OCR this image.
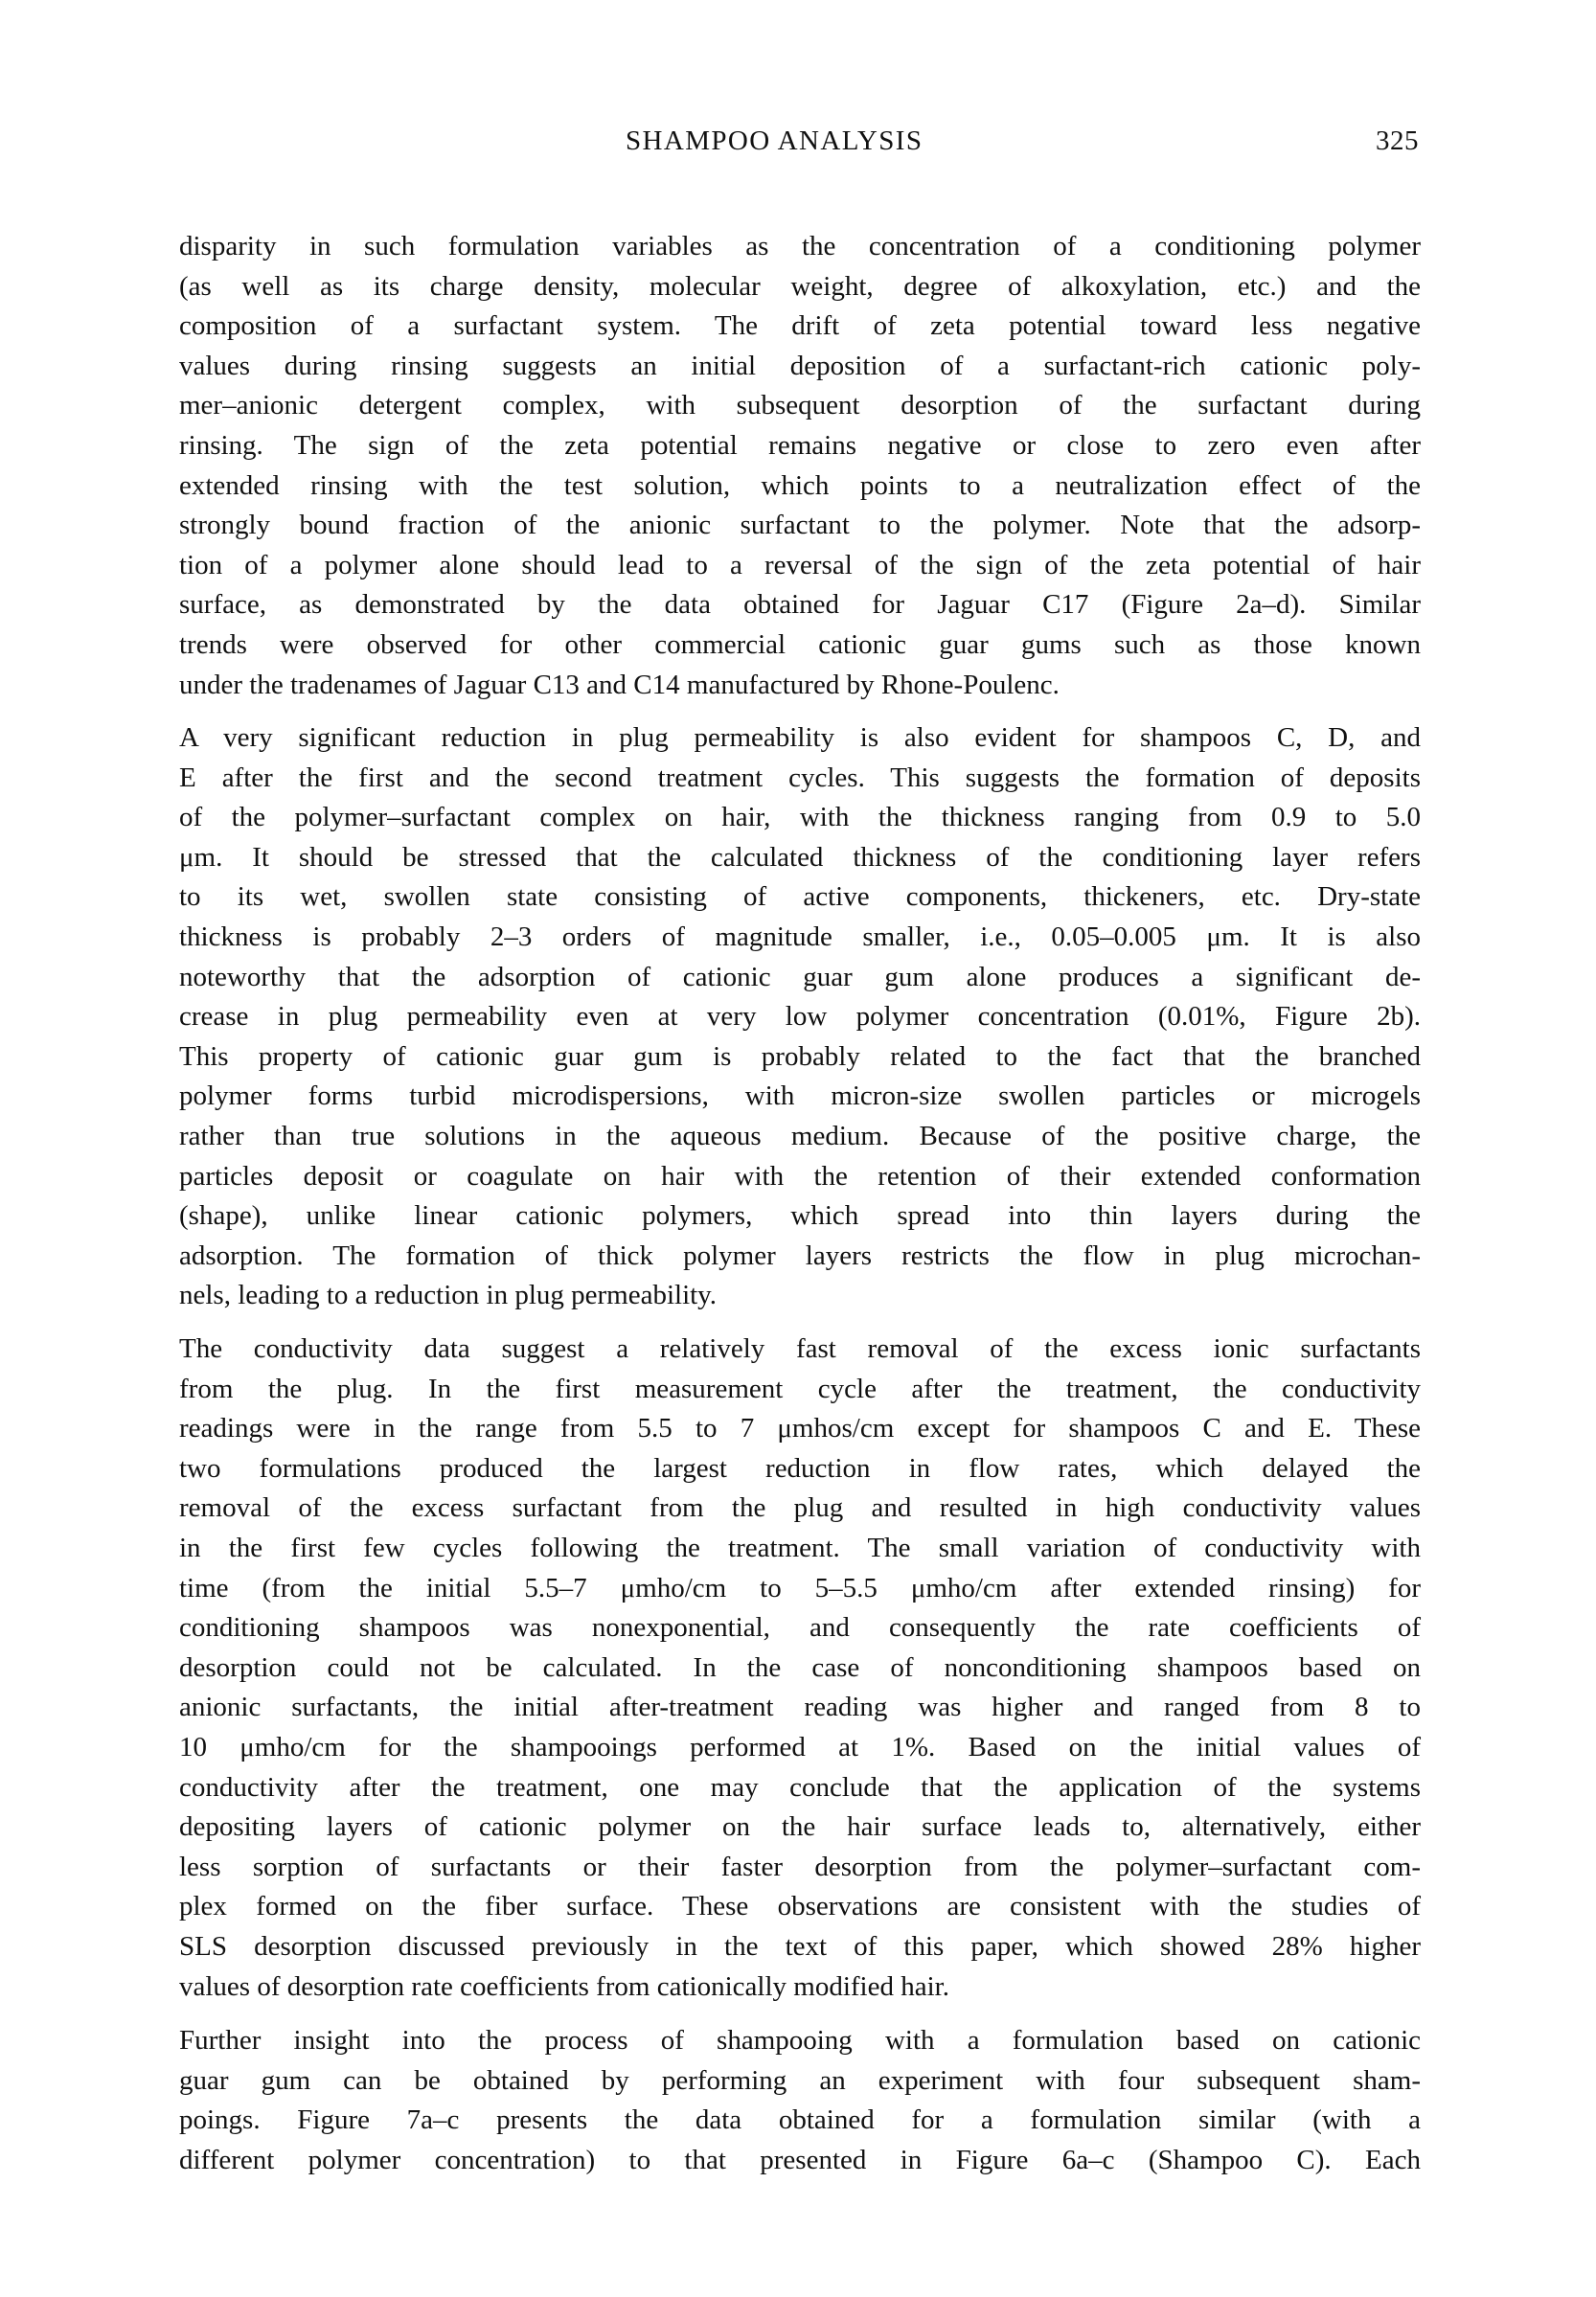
SHAMPOO ANALYSIS	325
disparity in such formulation variables as the concentration of a conditioning polymer
(as well as its charge density, molecular weight, degree of alkoxylation, etc.) and the
composition of a surfactant system. The drift of zeta potential toward less negative
values during rinsing suggests an initial deposition of a surfactant-rich cationic poly-
mer–anionic detergent complex, with subsequent desorption of the surfactant during
rinsing. The sign of the zeta potential remains negative or close to zero even after
extended rinsing with the test solution, which points to a neutralization effect of the
strongly bound fraction of the anionic surfactant to the polymer. Note that the adsorp-
tion of a polymer alone should lead to a reversal of the sign of the zeta potential of hair
surface, as demonstrated by the data obtained for Jaguar C17 (Figure 2a–d). Similar
trends were observed for other commercial cationic guar gums such as those known
under the tradenames of Jaguar C13 and C14 manufactured by Rhone-Poulenc.
A very significant reduction in plug permeability is also evident for shampoos C, D, and
E after the first and the second treatment cycles. This suggests the formation of deposits
of the polymer–surfactant complex on hair, with the thickness ranging from 0.9 to 5.0
μm. It should be stressed that the calculated thickness of the conditioning layer refers
to its wet, swollen state consisting of active components, thickeners, etc. Dry-state
thickness is probably 2–3 orders of magnitude smaller, i.e., 0.05–0.005 μm. It is also
noteworthy that the adsorption of cationic guar gum alone produces a significant de-
crease in plug permeability even at very low polymer concentration (0.01%, Figure 2b).
This property of cationic guar gum is probably related to the fact that the branched
polymer forms turbid microdispersions, with micron-size swollen particles or microgels
rather than true solutions in the aqueous medium. Because of the positive charge, the
particles deposit or coagulate on hair with the retention of their extended conformation
(shape), unlike linear cationic polymers, which spread into thin layers during the
adsorption. The formation of thick polymer layers restricts the flow in plug microchan-
nels, leading to a reduction in plug permeability.
The conductivity data suggest a relatively fast removal of the excess ionic surfactants
from the plug. In the first measurement cycle after the treatment, the conductivity
readings were in the range from 5.5 to 7 μmhos/cm except for shampoos C and E. These
two formulations produced the largest reduction in flow rates, which delayed the
removal of the excess surfactant from the plug and resulted in high conductivity values
in the first few cycles following the treatment. The small variation of conductivity with
time (from the initial 5.5–7 μmho/cm to 5–5.5 μmho/cm after extended rinsing) for
conditioning shampoos was nonexponential, and consequently the rate coefficients of
desorption could not be calculated. In the case of nonconditioning shampoos based on
anionic surfactants, the initial after-treatment reading was higher and ranged from 8 to
10 μmho/cm for the shampooings performed at 1%. Based on the initial values of
conductivity after the treatment, one may conclude that the application of the systems
depositing layers of cationic polymer on the hair surface leads to, alternatively, either
less sorption of surfactants or their faster desorption from the polymer–surfactant com-
plex formed on the fiber surface. These observations are consistent with the studies of
SLS desorption discussed previously in the text of this paper, which showed 28% higher
values of desorption rate coefficients from cationically modified hair.
Further insight into the process of shampooing with a formulation based on cationic
guar gum can be obtained by performing an experiment with four subsequent sham-
poings. Figure 7a–c presents the data obtained for a formulation similar (with a
different polymer concentration) to that presented in Figure 6a–c (Shampoo C). Each
